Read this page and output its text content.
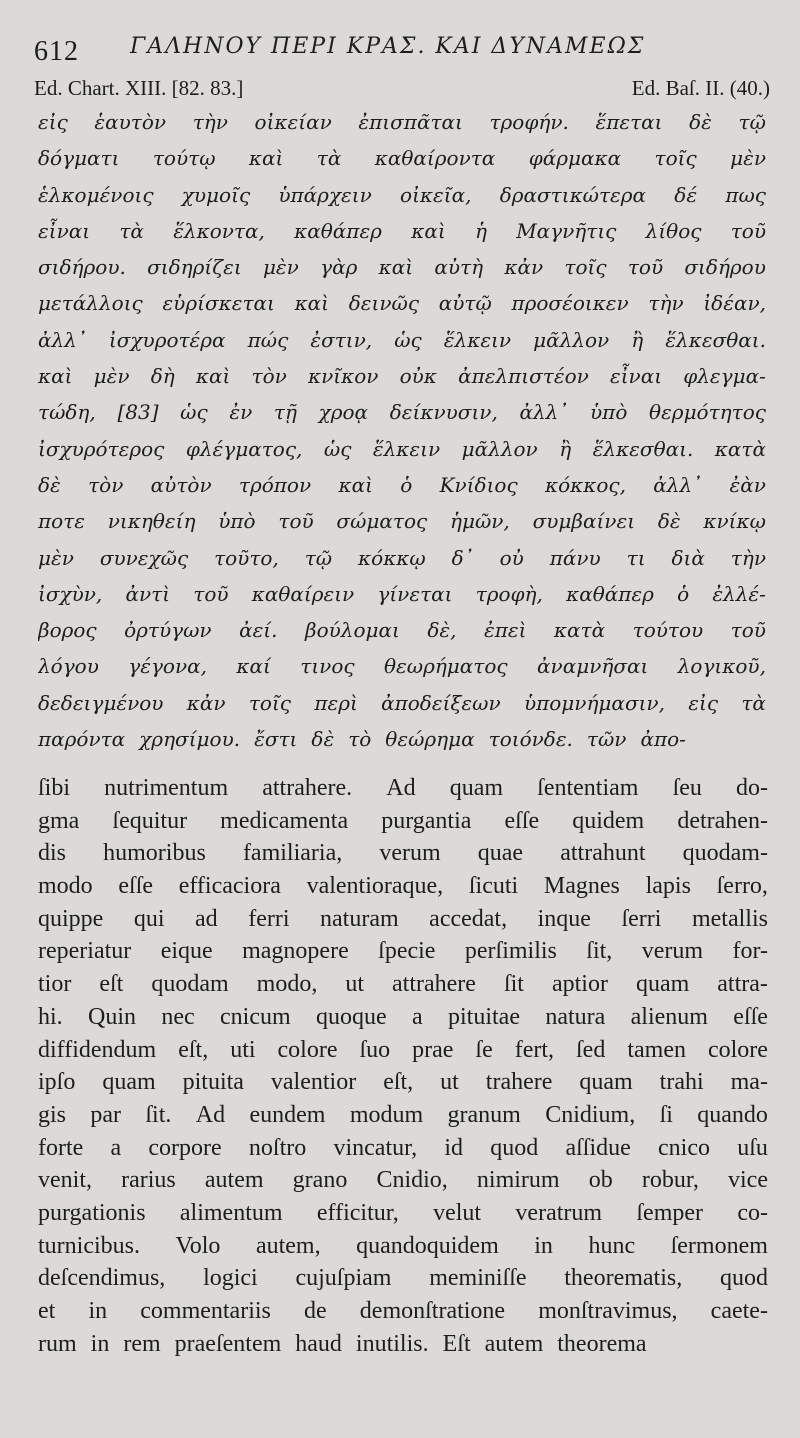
612 ΓΑΛΗΝΟΥ ΠΕΡΙ ΚΡΑΣ. ΚΑΙ ΔΥΝΑΜΕΩΣ
Ed. Chart. XIII. [82. 83.]	Ed. Baſ. II. (40.)
εἰς ἑαυτὸν τὴν οἰκείαν ἐπισπᾶται τροφήν. ἕπεται δὲ τῷ
δόγματι τούτῳ καὶ τὰ καθαίροντα φάρμακα τοῖς μὲν
ἑλκομένοις χυμοῖς ὑπάρχειν οἰκεῖα, δραστικώτερα δέ πως
εἶναι τὰ ἕλκοντα, καθάπερ καὶ ἡ Μαγνῆτις λίθος τοῦ
σιδήρου. σιδηρίζει μὲν γὰρ καὶ αὐτὴ κἀν τοῖς τοῦ σιδήρου
μετάλλοις εὑρίσκεται καὶ δεινῶς αὐτῷ προσέοικεν τὴν ἰδέαν,
ἀλλ᾽ ἰσχυροτέρα πώς ἐστιν, ὡς ἕλκειν μᾶλλον ἢ ἕλκεσθαι.
καὶ μὲν δὴ καὶ τὸν κνῖκον οὐκ ἀπελπιστέον εἶναι φλεγμα-
τώδη, [83] ὡς ἐν τῇ χροᾳ δείκνυσιν, ἀλλ᾽ ὑπὸ θερμότητος
ἰσχυρότερος φλέγματος, ὡς ἕλκειν μᾶλλον ἢ ἕλκεσθαι. κατὰ
δὲ τὸν αὐτὸν τρόπον καὶ ὁ Κνίδιος κόκκος, ἀλλ᾽ ἐὰν
ποτε νικηθείη ὑπὸ τοῦ σώματος ἡμῶν, συμβαίνει δὲ κνίκῳ
μὲν συνεχῶς τοῦτο, τῷ κόκκῳ δ᾽ οὐ πάνυ τι διὰ τὴν
ἰσχὺν, ἀντὶ τοῦ καθαίρειν γίνεται τροφὴ, καθάπερ ὁ ἐλλέ-
βορος ὀρτύγων ἀεί. βούλομαι δὲ, ἐπεὶ κατὰ τούτου τοῦ
λόγου γέγονα, καί τινος θεωρήματος ἀναμνῆσαι λογικοῦ,
δεδειγμένου κἀν τοῖς περὶ ἀποδείξεων ὑπομνήμασιν, εἰς τὰ
παρόντα χρησίμου. ἔστι δὲ τὸ θεώρημα τοιόνδε. τῶν ἀπο-
ſibi nutrimentum attrahere. Ad quam ſententiam ſeu do-
gma ſequitur medicamenta purgantia eſſe quidem detrahen-
dis humoribus familiaria, verum quae attrahunt quodam-
modo eſſe efficaciora valentioraque, ſicuti Magnes lapis ſerro,
quippe qui ad ferri naturam accedat, inque ſerri metallis
reperiatur eique magnopere ſpecie perſimilis ſit, verum for-
tior eſt quodam modo, ut attrahere ſit aptior quam attra-
hi. Quin nec cnicum quoque a pituitae natura alienum eſſe
diffidendum eſt, uti colore ſuo prae ſe fert, ſed tamen colore
ipſo quam pituita valentior eſt, ut trahere quam trahi ma-
gis par ſit. Ad eundem modum granum Cnidium, ſi quando
forte a corpore noſtro vincatur, id quod aſſidue cnico uſu
venit, rarius autem grano Cnidio, nimirum ob robur, vice
purgationis alimentum efficitur, velut veratrum ſemper co-
turnicibus. Volo autem, quandoquidem in hunc ſermonem
deſcendimus, logici cujuſpiam meminiſſe theorematis, quod
et in commentariis de demonſtratione monſtravimus, caete-
rum in rem praeſentem haud inutilis. Eſt autem theorema
